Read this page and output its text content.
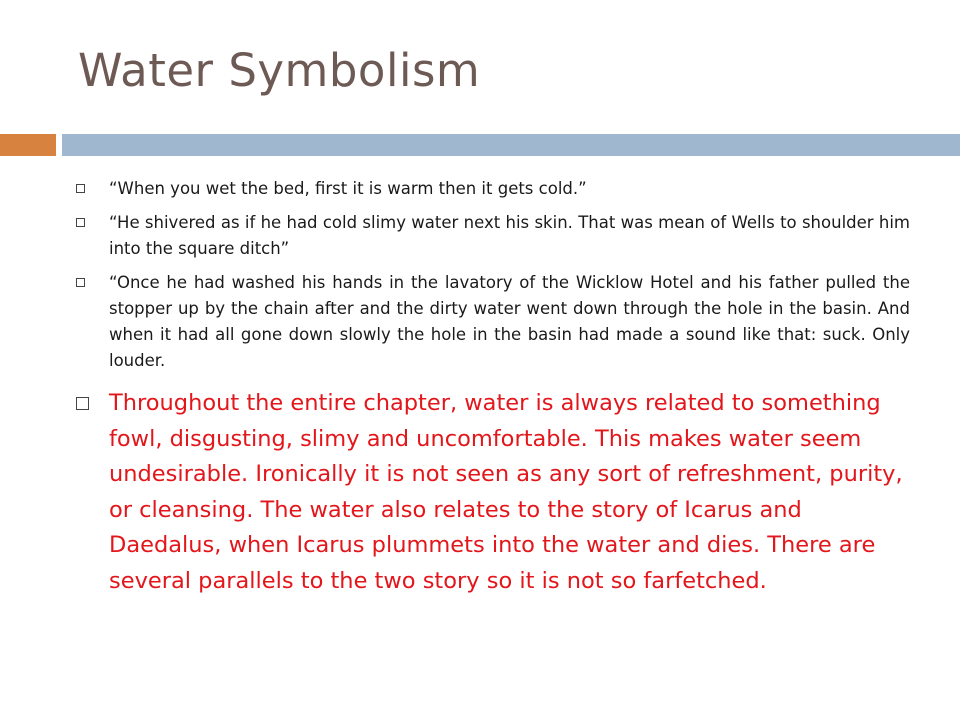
Water Symbolism
“When you wet the bed, first it is warm then it gets cold.”
“He shivered as if he had cold slimy water next his skin. That was mean of Wells to shoulder him into the square ditch”
“Once he had washed his hands in the lavatory of the Wicklow Hotel and his father pulled the stopper up by the chain after and the dirty water went down through the hole in the basin. And when it had all gone down slowly the hole in the basin had made a sound like that: suck. Only louder.
Throughout the entire chapter, water is always related to something fowl, disgusting, slimy and uncomfortable. This makes water seem undesirable. Ironically it is not seen as any sort of refreshment, purity, or cleansing. The water also relates to the story of Icarus and Daedalus, when Icarus plummets into the water and dies. There are several parallels to the two story so it is not so farfetched.
